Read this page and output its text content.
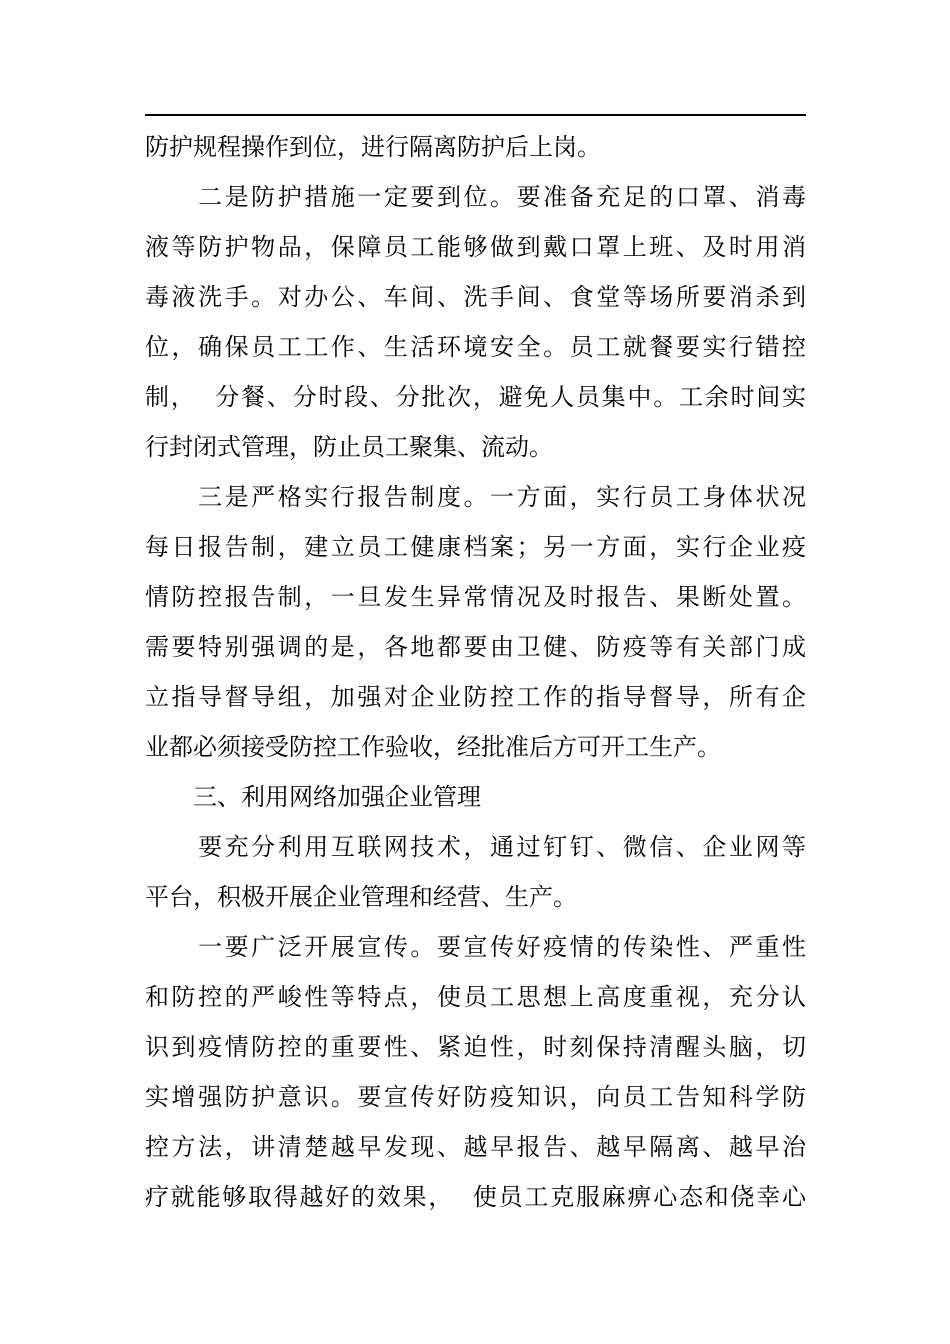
防护规程操作到位，进行隔离防护后上岗。
　　二是防护措施一定要到位。要准备充足的口罩、消毒
液等防护物品，保障员工能够做到戴口罩上班、及时用消
毒液洗手。对办公、车间、洗手间、食堂等场所要消杀到
位，确保员工工作、生活环境安全。员工就餐要实行错控
制，  分餐、分时段、分批次，避免人员集中。工余时间实
行封闭式管理，防止员工聚集、流动。
　　三是严格实行报告制度。一方面，实行员工身体状况
每日报告制，建立员工健康档案；另一方面，实行企业疫
情防控报告制，一旦发生异常情况及时报告、果断处置。
需要特别强调的是，各地都要由卫健、防疫等有关部门成
立指导督导组，加强对企业防控工作的指导督导，所有企
业都必须接受防控工作验收，经批准后方可开工生产。
　　三、利用网络加强企业管理
　　要充分利用互联网技术，通过钉钉、微信、企业网等
平台，积极开展企业管理和经营、生产。
　　一要广泛开展宣传。要宣传好疫情的传染性、严重性
和防控的严峻性等特点，使员工思想上高度重视，充分认
识到疫情防控的重要性、紧迫性，时刻保持清醒头脑，切
实增强防护意识。要宣传好防疫知识，向员工告知科学防
控方法，讲清楚越早发现、越早报告、越早隔离、越早治
疗就能够取得越好的效果，  使员工克服麻痹心态和侥幸心
